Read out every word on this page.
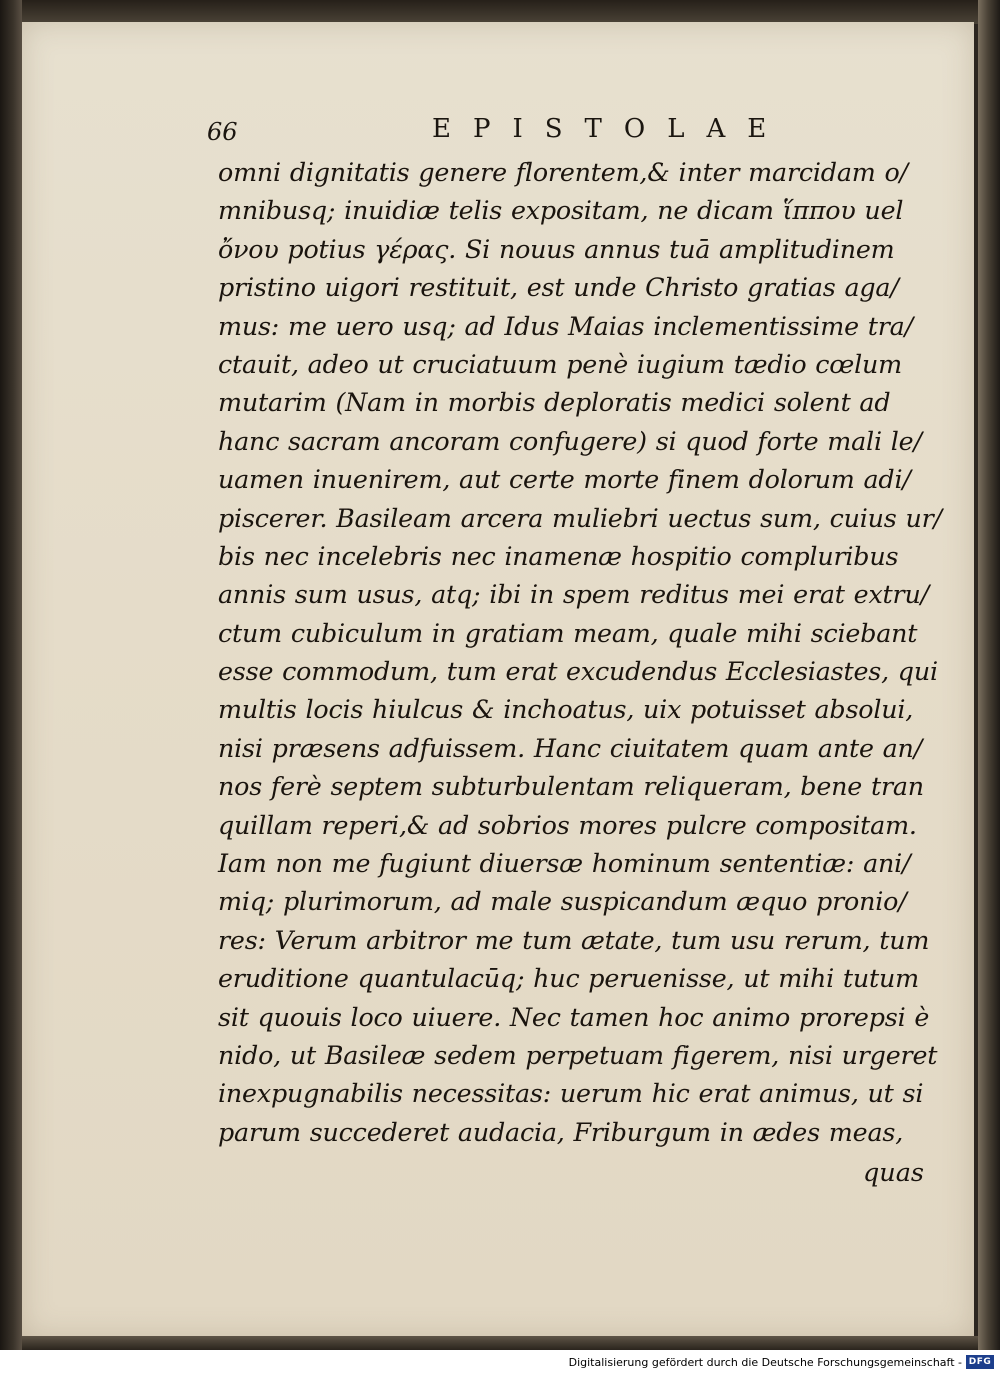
66	EPISTOLAE
omni dignitatis genere florentem,& inter marcidam o/
mnibusq; inuidiæ telis expositam, ne dicam ἵππου uel
ὄνου potius γέρας. Si nouus annus tuā amplitudinem
pristino uigori restituit, est unde Christo gratias aga/
mus: me uero usq; ad Idus Maias inclementissime tra/
ctauit, adeo ut cruciatuum penè iugium tædio cœlum
mutarim (Nam in morbis deploratis medici solent ad
hanc sacram ancoram confugere) si quod forte mali le/
uamen inuenirem, aut certe morte finem dolorum adi/
piscerer. Basileam arcera muliebri uectus sum, cuius ur/
bis nec incelebris nec inamenæ hospitio compluribus
annis sum usus, atq; ibi in spem reditus mei erat extru/
ctum cubiculum in gratiam meam, quale mihi sciebant
esse commodum, tum erat excudendus Ecclesiastes, qui
multis locis hiulcus & inchoatus, uix potuisset absolui,
nisi præsens adfuissem. Hanc ciuitatem quam ante an/
nos ferè septem subturbulentam reliqueram, bene tran
quillam reperi,& ad sobrios mores pulcre compositam.
Iam non me fugiunt diuersæ hominum sententiæ: ani/
miq; plurimorum, ad male suspicandum æquo pronio/
res: Verum arbitror me tum ætate, tum usu rerum, tum
eruditione quantulacūq; huc peruenisse, ut mihi tutum
sit quouis loco uiuere. Nec tamen hoc animo prorepsi è
nido, ut Basileæ sedem perpetuam figerem, nisi urgeret
inexpugnabilis necessitas: uerum hic erat animus, ut si
parum succederet audacia, Friburgum in ædes meas,
quas
Digitalisierung gefördert durch die Deutsche Forschungsgemeinschaft - DFG
